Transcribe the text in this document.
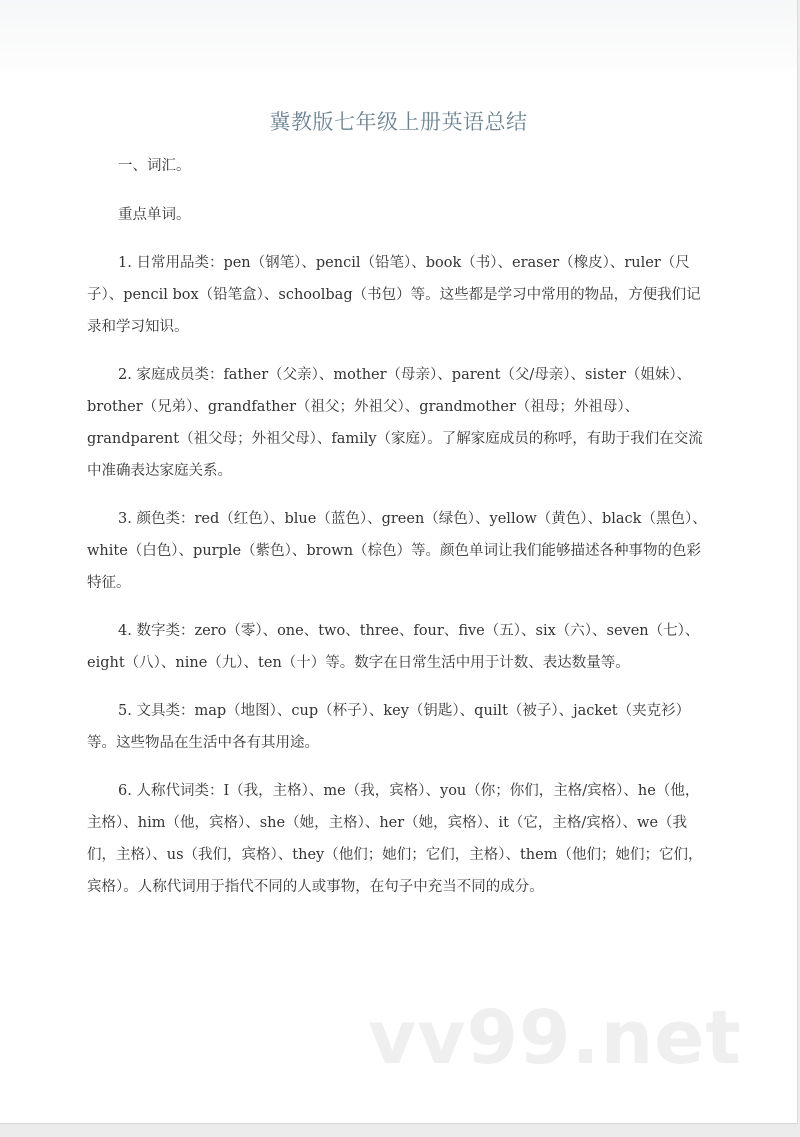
冀教版七年级上册英语总结

一、词汇。

重点单词。

1. 日常用品类：pen（钢笔）、pencil（铅笔）、book（书）、eraser（橡皮）、ruler（尺子）、pencil box（铅笔盒）、schoolbag（书包）等。这些都是学习中常用的物品，方便我们记录和学习知识。

2. 家庭成员类：father（父亲）、mother（母亲）、parent（父/母亲）、sister（姐妹）、brother（兄弟）、grandfather（祖父；外祖父）、grandmother（祖母；外祖母）、grandparent（祖父母；外祖父母）、family（家庭）。了解家庭成员的称呼，有助于我们在交流中准确表达家庭关系。

3. 颜色类：red（红色）、blue（蓝色）、green（绿色）、yellow（黄色）、black（黑色）、white（白色）、purple（紫色）、brown（棕色）等。颜色单词让我们能够描述各种事物的色彩特征。

4. 数字类：zero（零）、one、two、three、four、five（五）、six（六）、seven（七）、eight（八）、nine（九）、ten（十）等。数字在日常生活中用于计数、表达数量等。

5. 文具类：map（地图）、cup（杯子）、key（钥匙）、quilt（被子）、jacket（夹克衫）等。这些物品在生活中各有其用途。

6. 人称代词类：I（我，主格）、me（我，宾格）、you（你；你们，主格/宾格）、he（他，主格）、him（他，宾格）、she（她，主格）、her（她，宾格）、it（它，主格/宾格）、we（我们，主格）、us（我们，宾格）、they（他们；她们；它们，主格）、them（他们；她们；它们，宾格）。人称代词用于指代不同的人或事物，在句子中充当不同的成分。

vv99.net
